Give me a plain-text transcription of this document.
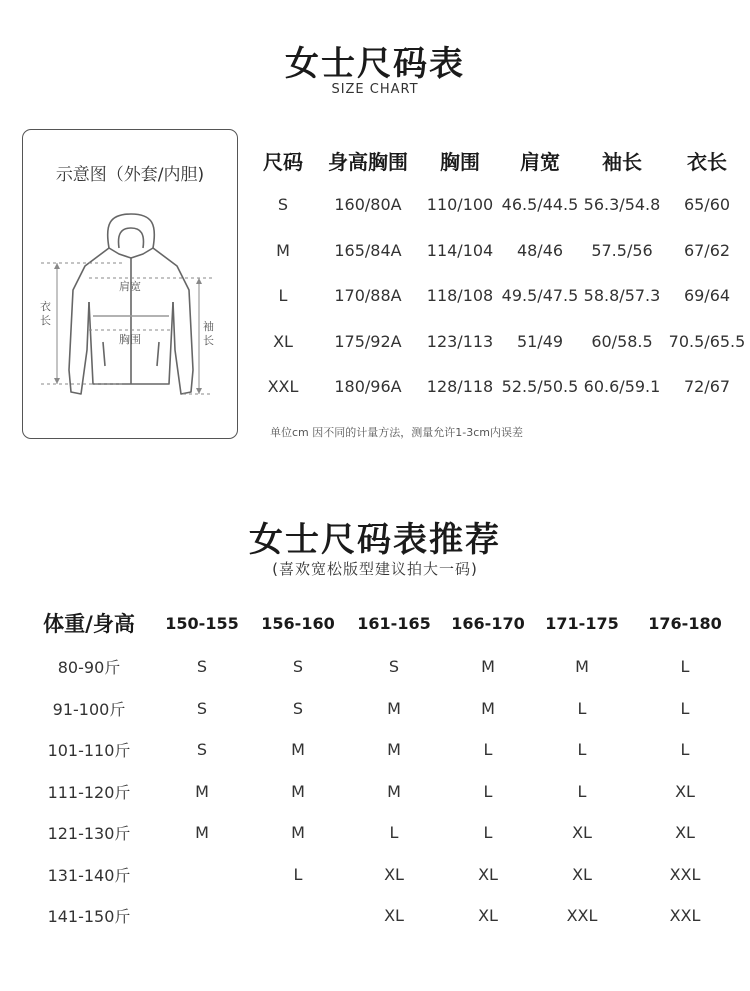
女士尺码表
SIZE CHART
示意图（外套/内胆)
肩宽
胸围
衣长	袖长
尺码	身高胸围	胸围	肩宽	袖长	衣长
S	160/80A	110/100	46.5/44.5	56.3/54.8	65/60
M	165/84A	114/104	48/46	57.5/56	67/62
L	170/88A	118/108	49.5/47.5	58.8/57.3	69/64
XL	175/92A	123/113	51/49	60/58.5	70.5/65.5
XXL	180/96A	128/118	52.5/50.5	60.6/59.1	72/67
单位cm 因不同的计量方法，测量允许1-3cm内误差
女士尺码表推荐
(喜欢宽松版型建议拍大一码)
体重/身高	150-155	156-160	161-165	166-170	171-175	176-180
80-90斤	S	S	S	M	M	L
91-100斤	S	S	M	M	L	L
101-110斤	S	M	M	L	L	L
111-120斤	M	M	M	L	L	XL
121-130斤	M	M	L	L	XL	XL
131-140斤		L	XL	XL	XL	XXL
141-150斤			XL	XL	XXL	XXL
